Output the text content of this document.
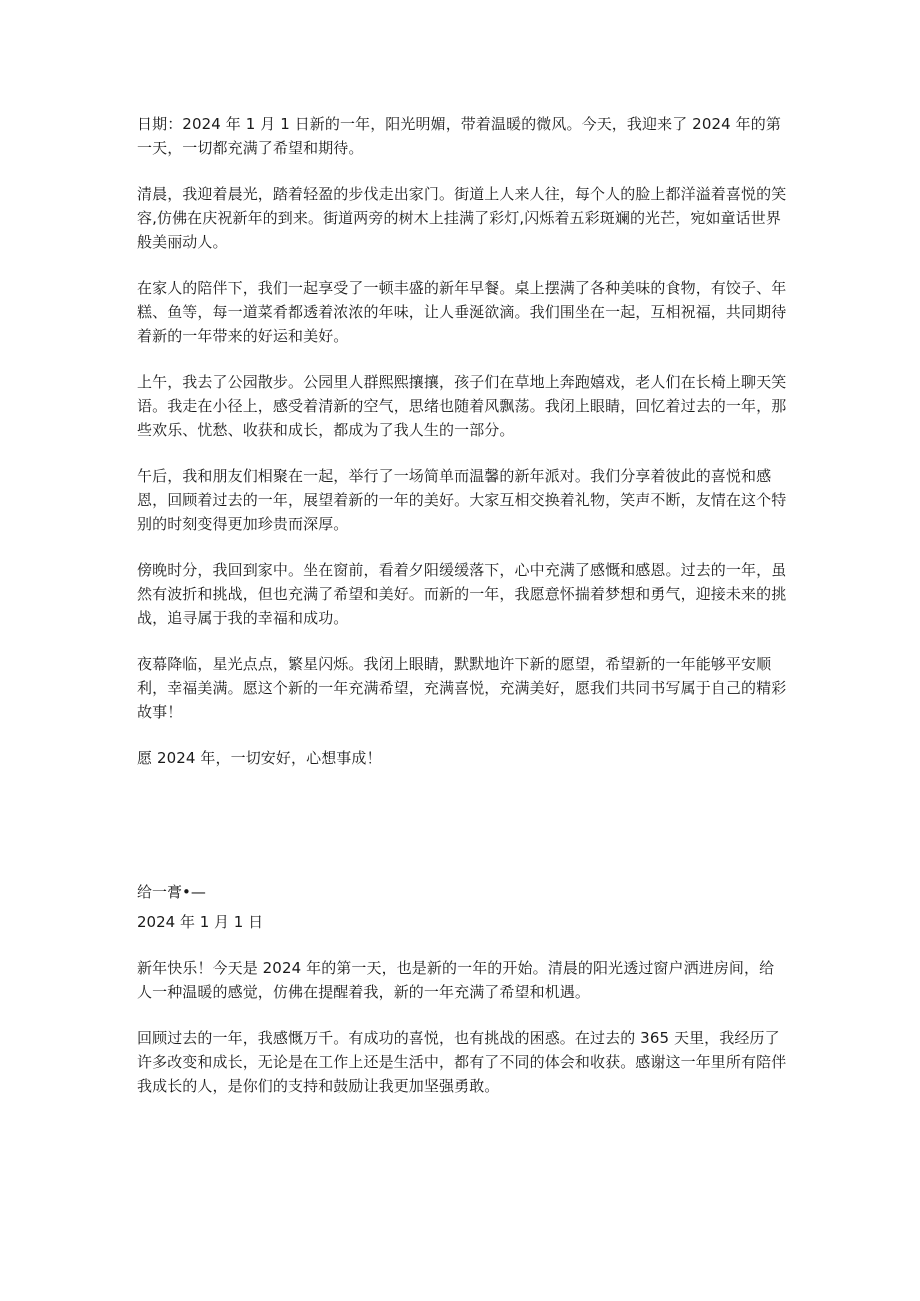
日期：2024 年 1 月 1 日新的一年，阳光明媚，带着温暖的微风。今天，我迎来了 2024 年的第一天，一切都充满了希望和期待。

清晨，我迎着晨光，踏着轻盈的步伐走出家门。街道上人来人往，每个人的脸上都洋溢着喜悦的笑容,仿佛在庆祝新年的到来。街道两旁的树木上挂满了彩灯,闪烁着五彩斑斓的光芒，宛如童话世界般美丽动人。

在家人的陪伴下，我们一起享受了一顿丰盛的新年早餐。桌上摆满了各种美味的食物，有饺子、年糕、鱼等，每一道菜肴都透着浓浓的年味，让人垂涎欲滴。我们围坐在一起，互相祝福，共同期待着新的一年带来的好运和美好。

上午，我去了公园散步。公园里人群熙熙攘攘，孩子们在草地上奔跑嬉戏，老人们在长椅上聊天笑语。我走在小径上，感受着清新的空气，思绪也随着风飘荡。我闭上眼睛，回忆着过去的一年，那些欢乐、忧愁、收获和成长，都成为了我人生的一部分。

午后，我和朋友们相聚在一起，举行了一场简单而温馨的新年派对。我们分享着彼此的喜悦和感恩，回顾着过去的一年，展望着新的一年的美好。大家互相交换着礼物，笑声不断，友情在这个特别的时刻变得更加珍贵而深厚。

傍晚时分，我回到家中。坐在窗前，看着夕阳缓缓落下，心中充满了感慨和感恩。过去的一年，虽然有波折和挑战，但也充满了希望和美好。而新的一年，我愿意怀揣着梦想和勇气，迎接未来的挑战，追寻属于我的幸福和成功。

夜幕降临，星光点点，繁星闪烁。我闭上眼睛，默默地许下新的愿望，希望新的一年能够平安顺利，幸福美满。愿这个新的一年充满希望，充满喜悦，充满美好，愿我们共同书写属于自己的精彩故事！

愿 2024 年，一切安好，心想事成！

给一膏•—

2024 年 1 月 1 日

新年快乐！今天是 2024 年的第一天，也是新的一年的开始。清晨的阳光透过窗户洒进房间，给人一种温暖的感觉，仿佛在提醒着我，新的一年充满了希望和机遇。

回顾过去的一年，我感慨万千。有成功的喜悦，也有挑战的困惑。在过去的 365 天里，我经历了许多改变和成长，无论是在工作上还是生活中，都有了不同的体会和收获。感谢这一年里所有陪伴我成长的人，是你们的支持和鼓励让我更加坚强勇敢。
